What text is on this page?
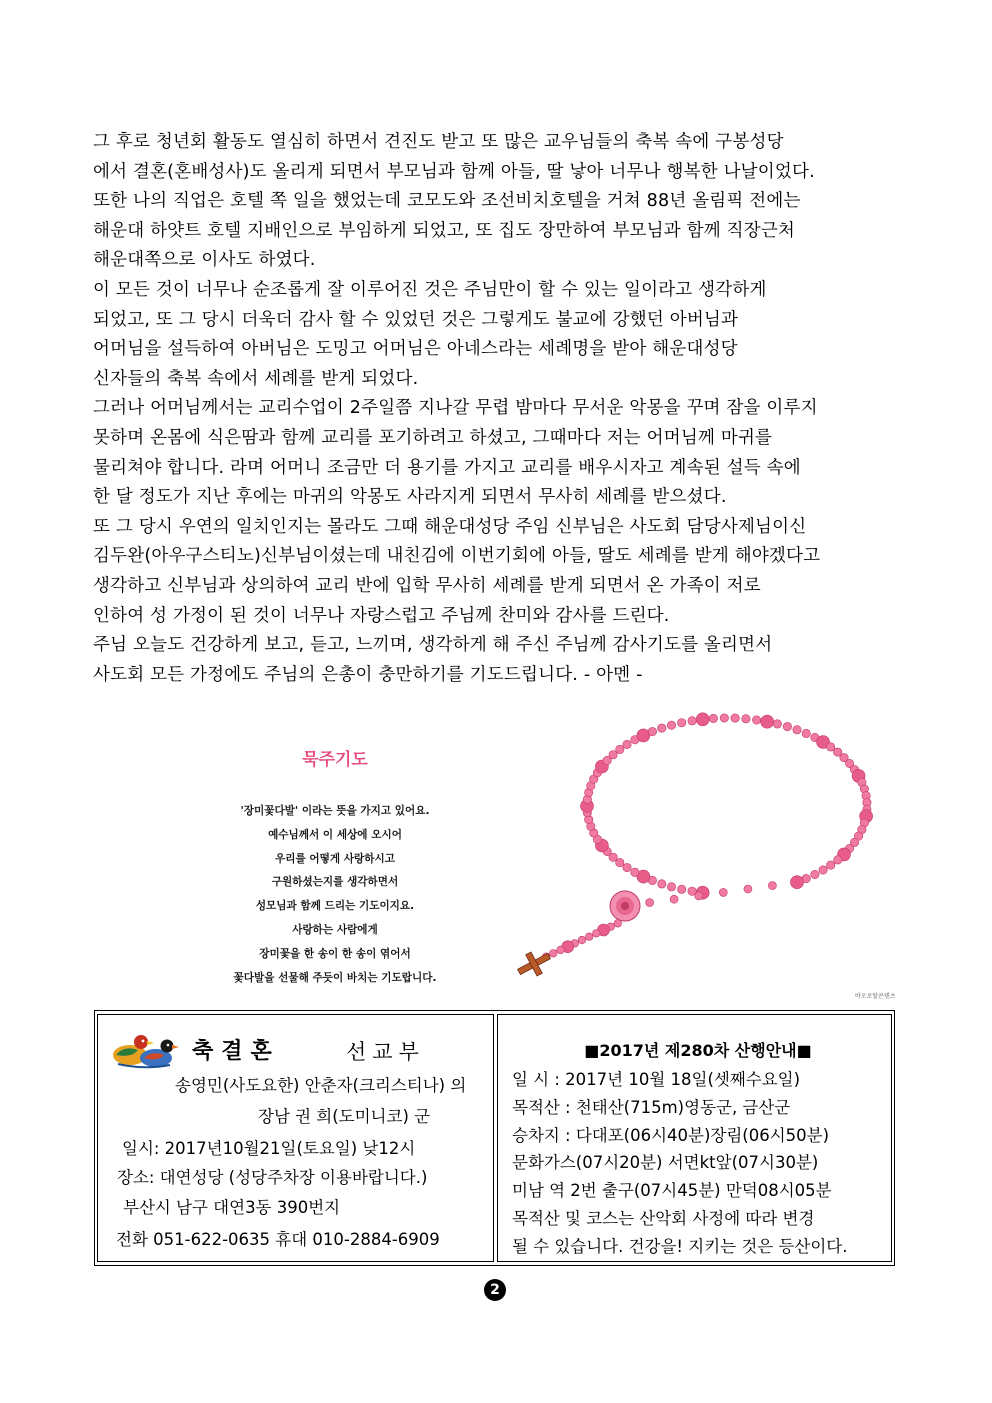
그 후로 청년회 활동도 열심히 하면서 견진도 받고 또 많은 교우님들의 축복 속에 구봉성당
에서 결혼(혼배성사)도 올리게 되면서 부모님과 함께 아들, 딸 낳아 너무나 행복한 나날이었다.
또한 나의 직업은 호텔 쪽 일을 했었는데 코모도와 조선비치호텔을 거쳐 88년 올림픽 전에는
해운대 하얏트 호텔 지배인으로 부임하게 되었고, 또 집도 장만하여 부모님과 함께 직장근처
해운대쪽으로 이사도 하였다.
이 모든 것이 너무나 순조롭게 잘 이루어진 것은 주님만이 할 수 있는 일이라고 생각하게
되었고, 또 그 당시 더욱더 감사 할 수 있었던 것은 그렇게도 불교에 강했던 아버님과
어머님을 설득하여 아버님은 도밍고 어머님은 아네스라는 세례명을 받아 해운대성당
신자들의 축복 속에서 세례를 받게 되었다.
그러나 어머님께서는 교리수업이 2주일쯤 지나갈 무렵 밤마다 무서운 악몽을 꾸며 잠을 이루지
못하며 온몸에 식은땀과 함께 교리를 포기하려고 하셨고, 그때마다 저는 어머님께 마귀를
물리쳐야 합니다. 라며 어머니 조금만 더 용기를 가지고 교리를 배우시자고 계속된 설득 속에
한 달 정도가 지난 후에는 마귀의 악몽도 사라지게 되면서 무사히 세례를 받으셨다.
또 그 당시 우연의 일치인지는 몰라도 그때 해운대성당 주임 신부님은 사도회 담당사제님이신
김두완(아우구스티노)신부님이셨는데 내친김에 이번기회에 아들, 딸도 세례를 받게 해야겠다고
생각하고 신부님과 상의하여 교리 반에 입학 무사히 세례를 받게 되면서 온 가족이 저로
인하여 성 가정이 된 것이 너무나 자랑스럽고 주님께 찬미와 감사를 드린다.
주님 오늘도 건강하게 보고, 듣고, 느끼며, 생각하게 해 주신 주님께 감사기도를 올리면서
사도회 모든 가정에도 주님의 은총이 충만하기를 기도드립니다. - 아멘 -
묵주기도
'장미꽃다발' 이라는 뜻을 가지고 있어요.
예수님께서 이 세상에 오시어
우리를 어떻게 사랑하시고
구원하셨는지를 생각하면서
성모님과 함께 드리는 기도이지요.
사랑하는 사람에게
장미꽃을 한 송이 한 송이 엮어서
꽃다발을 선물해 주듯이 바치는 기도랍니다.
바오로딸콘텐츠
축결혼	선교부
송영민(사도요한) 안춘자(크리스티나) 의
장남 권 희(도미니코) 군
일시: 2017년10월21일(토요일) 낮12시
장소: 대연성당 (성당주차장 이용바랍니다.)
부산시 남구 대연3동 390번지
전화 051-622-0635 휴대 010-2884-6909
■2017년 제280차 산행안내■
일 시 : 2017년 10월 18일(셋째수요일)
목적산 : 천태산(715m)영동군, 금산군
승차지 : 다대포(06시40분)장림(06시50분)
문화가스(07시20분) 서면kt앞(07시30분)
미남 역 2번 출구(07시45분) 만덕08시05분
목적산 및 코스는 산악회 사정에 따라 변경
될 수 있습니다. 건강을! 지키는 것은 등산이다.
2
